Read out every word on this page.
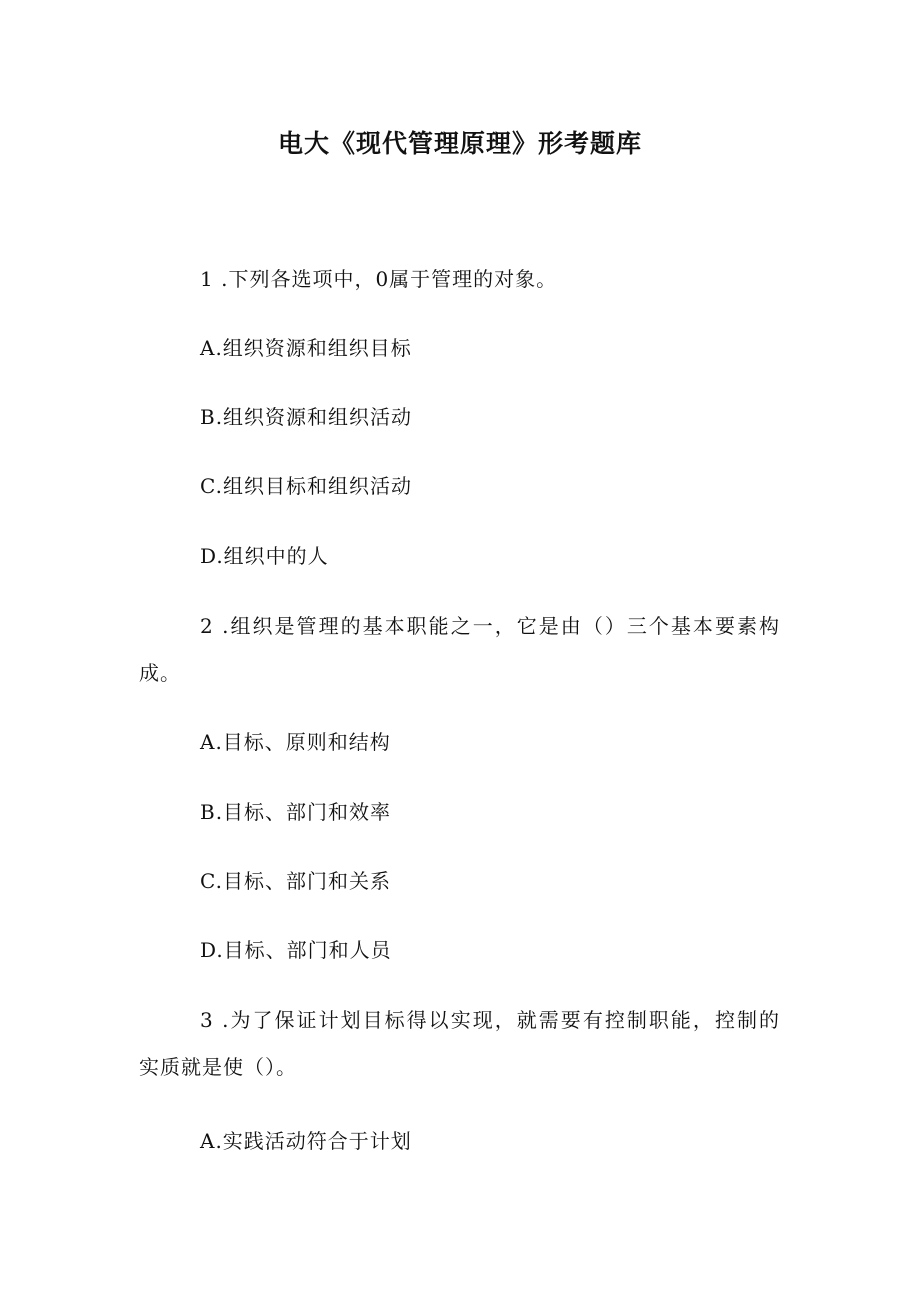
电大《现代管理原理》形考题库
1 .下列各选项中，0属于管理的对象。
A.组织资源和组织目标
B.组织资源和组织活动
C.组织目标和组织活动
D.组织中的人
2 .组织是管理的基本职能之一，它是由（）三个基本要素构
成。
A.目标、原则和结构
B.目标、部门和效率
C.目标、部门和关系
D.目标、部门和人员
3 .为了保证计划目标得以实现，就需要有控制职能，控制的
实质就是使（）。
A.实践活动符合于计划
